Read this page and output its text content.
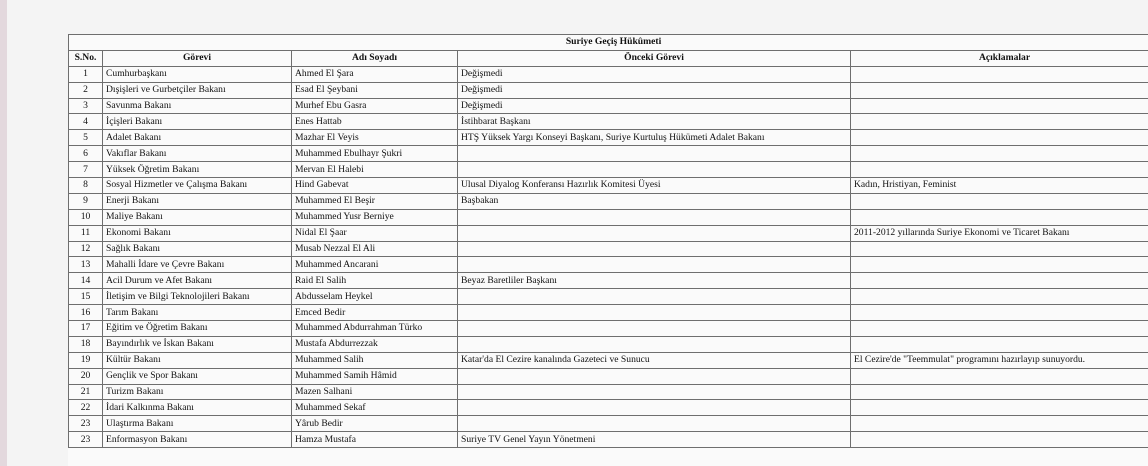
Suriye Geçiş Hükûmeti				
S.No.	Görevi	Adı Soyadı	Önceki Görevi	Açıklamalar
1	Cumhurbaşkanı	Ahmed El Şara	Değişmedi	
2	Dışişleri ve Gurbetçiler Bakanı	Esad El Şeybani	Değişmedi	
3	Savunma Bakanı	Murhef Ebu Gasra	Değişmedi	
4	İçişleri Bakanı	Enes Hattab	İstihbarat Başkanı	
5	Adalet Bakanı	Mazhar El Veyis	HTŞ Yüksek Yargı Konseyi Başkanı, Suriye Kurtuluş Hükümeti Adalet Bakanı	
6	Vakıflar Bakanı	Muhammed Ebulhayr Şukri		
7	Yüksek Öğretim Bakanı	Mervan El Halebi		
8	Sosyal Hizmetler ve Çalışma Bakanı	Hind Gabevat	Ulusal Diyalog Konferansı Hazırlık Komitesi Üyesi	Kadın, Hristiyan, Feminist
9	Enerji Bakanı	Muhammed El Beşir	Başbakan	
10	Maliye Bakanı	Muhammed Yusr Berniye		
11	Ekonomi Bakanı	Nidal El Şaar		2011-2012 yıllarında Suriye Ekonomi ve Ticaret Bakanı
12	Sağlık Bakanı	Musab Nezzal El Ali		
13	Mahalli İdare ve Çevre Bakanı	Muhammed Ancarani		
14	Acil Durum ve Afet Bakanı	Raid El Salih	Beyaz Baretliler Başkanı	
15	İletişim ve Bilgi Teknolojileri Bakanı	Abdusselam Heykel		
16	Tarım Bakanı	Emced Bedir		
17	Eğitim ve Öğretim Bakanı	Muhammed Abdurrahman Türko		
18	Bayındırlık ve İskan Bakanı	Mustafa Abdurrezzak		
19	Kültür Bakanı	Muhammed Salih	Katar'da El Cezire kanalında Gazeteci ve Sunucu	El Cezire'de "Teemmulat" programını hazırlayıp sunuyordu.
20	Gençlik ve Spor Bakanı	Muhammed Samih Hâmid		
21	Turizm Bakanı	Mazen Salhani		
22	İdari Kalkınma Bakanı	Muhammed Sekaf		
23	Ulaştırma Bakanı	Yârub Bedir		
23	Enformasyon Bakanı	Hamza Mustafa	Suriye TV Genel Yayın Yönetmeni	
